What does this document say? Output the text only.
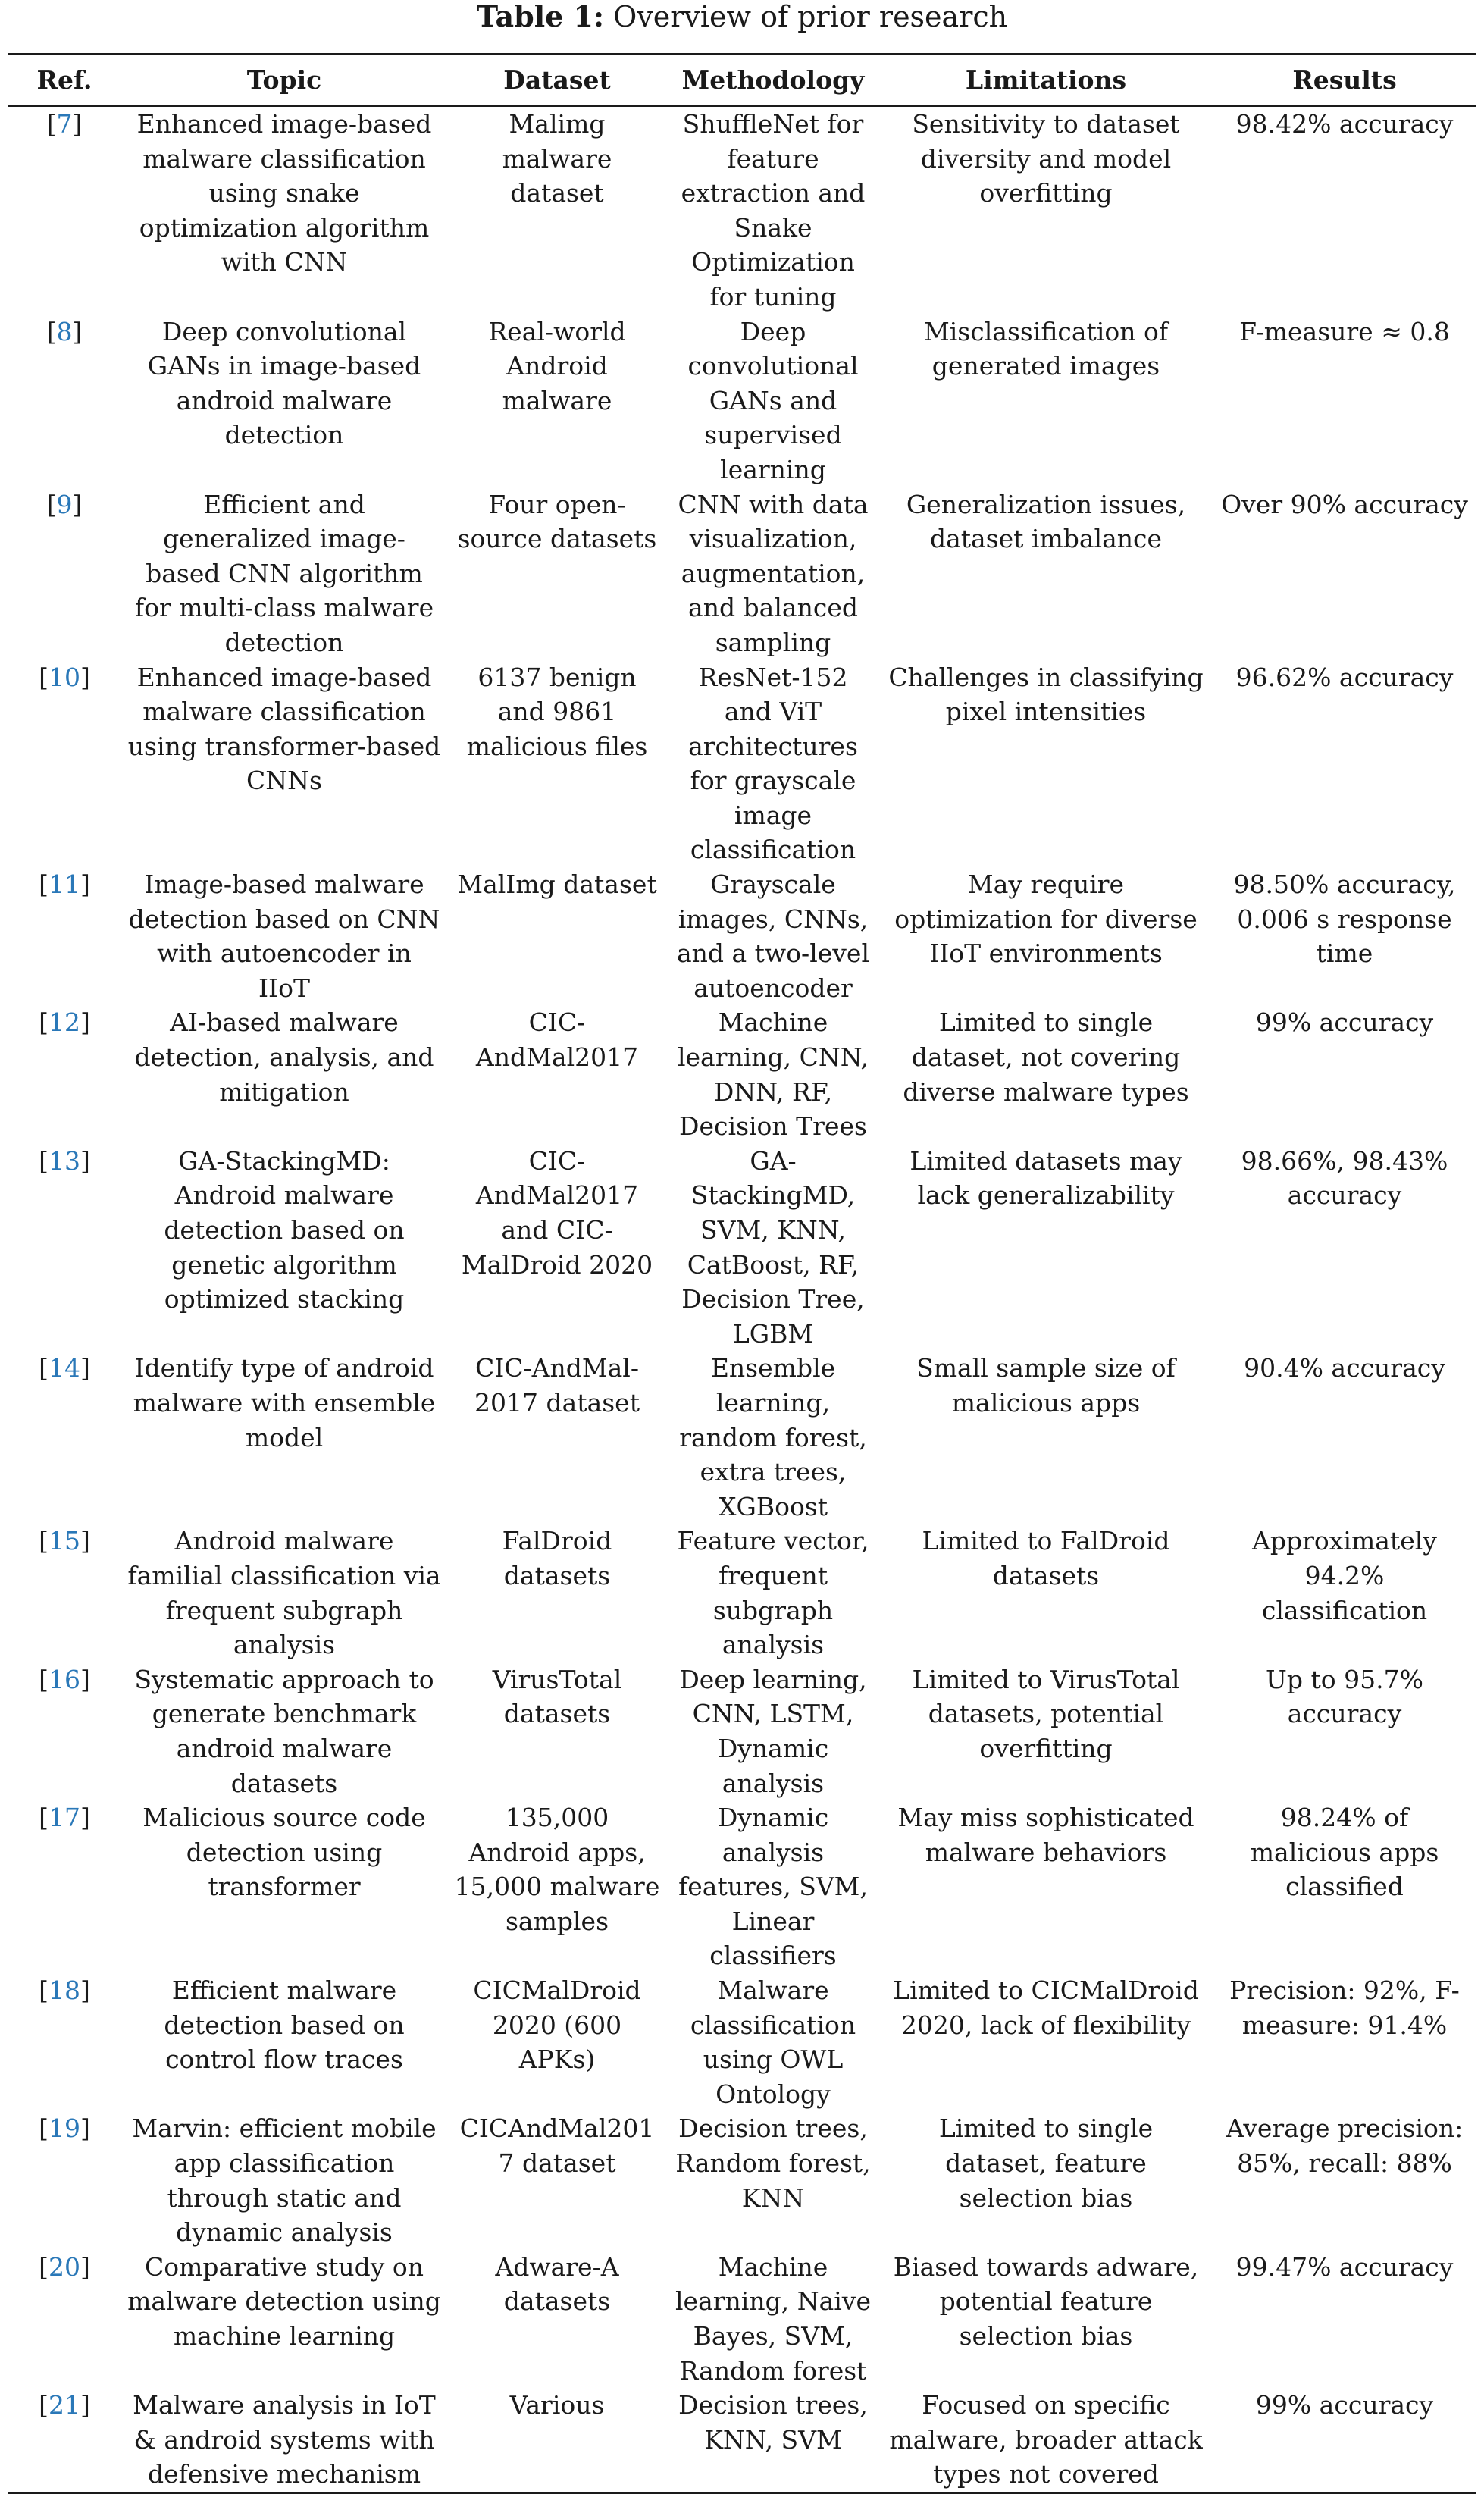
Table 1: Overview of prior research
Ref.	Topic	Dataset	Methodology	Limitations	Results
[7]	Enhanced image-based malware classification using snake optimization algorithm with CNN	Malimg malware dataset	ShuffleNet for feature extraction and Snake Optimization for tuning	Sensitivity to dataset diversity and model overfitting	98.42% accuracy
[8]	Deep convolutional GANs in image-based android malware detection	Real-world Android malware	Deep convolutional GANs and supervised learning	Misclassification of generated images	F-measure ≈ 0.8
[9]	Efficient and generalized image-based CNN algorithm for multi-class malware detection	Four open-source datasets	CNN with data visualization, augmentation, and balanced sampling	Generalization issues, dataset imbalance	Over 90% accuracy
[10]	Enhanced image-based malware classification using transformer-based CNNs	6137 benign and 9861 malicious files	ResNet-152 and ViT architectures for grayscale image classification	Challenges in classifying pixel intensities	96.62% accuracy
[11]	Image-based malware detection based on CNN with autoencoder in IIoT	MalImg dataset	Grayscale images, CNNs, and a two-level autoencoder	May require optimization for diverse IIoT environments	98.50% accuracy, 0.006 s response time
[12]	AI-based malware detection, analysis, and mitigation	CIC-AndMal2017	Machine learning, CNN, DNN, RF, Decision Trees	Limited to single dataset, not covering diverse malware types	99% accuracy
[13]	GA-StackingMD: Android malware detection based on genetic algorithm optimized stacking	CIC-AndMal2017 and CIC-MalDroid 2020	GA-StackingMD, SVM, KNN, CatBoost, RF, Decision Tree, LGBM	Limited datasets may lack generalizability	98.66%, 98.43% accuracy
[14]	Identify type of android malware with ensemble model	CIC-AndMal-2017 dataset	Ensemble learning, random forest, extra trees, XGBoost	Small sample size of malicious apps	90.4% accuracy
[15]	Android malware familial classification via frequent subgraph analysis	FalDroid datasets	Feature vector, frequent subgraph analysis	Limited to FalDroid datasets	Approximately 94.2% classification
[16]	Systematic approach to generate benchmark android malware datasets	VirusTotal datasets	Deep learning, CNN, LSTM, Dynamic analysis	Limited to VirusTotal datasets, potential overfitting	Up to 95.7% accuracy
[17]	Malicious source code detection using transformer	135,000 Android apps, 15,000 malware samples	Dynamic analysis features, SVM, Linear classifiers	May miss sophisticated malware behaviors	98.24% of malicious apps classified
[18]	Efficient malware detection based on control flow traces	CICMalDroid 2020 (600 APKs)	Malware classification using OWL Ontology	Limited to CICMalDroid 2020, lack of flexibility	Precision: 92%, F-measure: 91.4%
[19]	Marvin: efficient mobile app classification through static and dynamic analysis	CICAndMal2017 dataset	Decision trees, Random forest, KNN	Limited to single dataset, feature selection bias	Average precision: 85%, recall: 88%
[20]	Comparative study on malware detection using machine learning	Adware-A datasets	Machine learning, Naive Bayes, SVM, Random forest	Biased towards adware, potential feature selection bias	99.47% accuracy
[21]	Malware analysis in IoT & android systems with defensive mechanism	Various	Decision trees, KNN, SVM	Focused on specific malware, broader attack types not covered	99% accuracy
